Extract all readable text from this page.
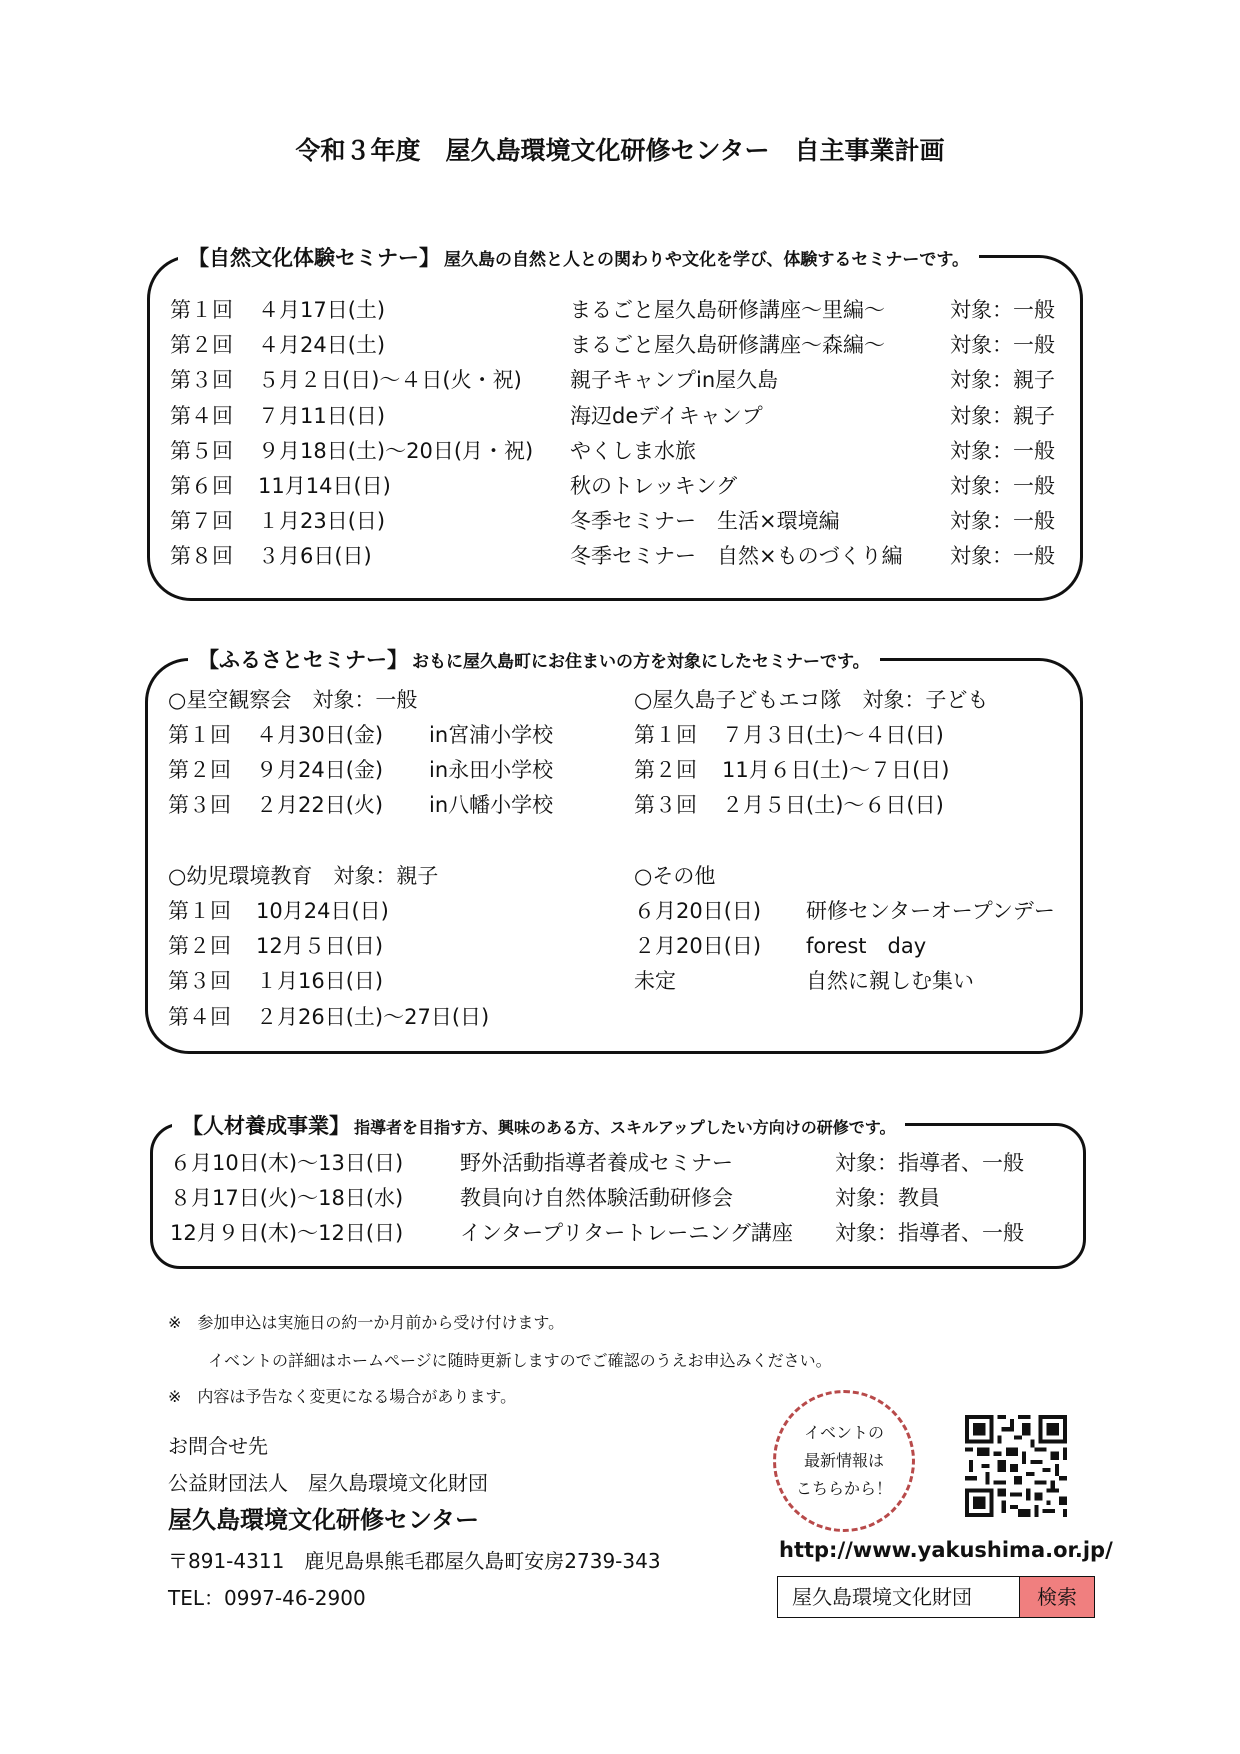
令和３年度　屋久島環境文化研修センター　自主事業計画
【自然文化体験セミナー】 屋久島の自然と人との関わりや文化を学び、体験するセミナーです。
第１回 ４月17日(土)	まるごと屋久島研修講座～里編～	対象：一般
第２回 ４月24日(土)	まるごと屋久島研修講座～森編～	対象：一般
第３回 ５月２日(日)～４日(火・祝) 親子キャンプin屋久島	対象：親子
第４回 ７月11日(日)	海辺deデイキャンプ	対象：親子
第５回 ９月18日(土)～20日(月・祝) やくしま水旅	対象：一般
第６回 11月14日(日)	秋のトレッキング	対象：一般
第７回 １月23日(日)	冬季セミナー　生活×環境編	対象：一般
第８回 ３月6日(日)	冬季セミナー　自然×ものづくり編 対象：一般
【ふるさとセミナー】 おもに屋久島町にお住まいの方を対象にしたセミナーです。
○星空観察会　対象：一般
第１回 ４月30日(金) in宮浦小学校
第２回 ９月24日(金) in永田小学校
第３回 ２月22日(火) in八幡小学校
○屋久島子どもエコ隊　対象：子ども
第１回 ７月３日(土)～４日(日)
第２回 11月６日(土)～７日(日)
第３回 ２月５日(土)～６日(日)
○幼児環境教育　対象：親子
第１回 10月24日(日)
第２回 12月５日(日)
第３回 １月16日(日)
第４回 ２月26日(土)～27日(日)
○その他
６月20日(日) 研修センターオープンデー
２月20日(日) forest　day
未定	自然に親しむ集い
【人材養成事業】 指導者を目指す方、興味のある方、スキルアップしたい方向けの研修です。
６月10日(木)～13日(日)	野外活動指導者養成セミナー	対象：指導者、一般
８月17日(火)～18日(水)	教員向け自然体験活動研修会	対象：教員
12月９日(木)～12日(日)	インタープリタートレーニング講座 対象：指導者、一般
※　参加申込は実施日の約一か月前から受け付けます。
イベントの詳細はホームページに随時更新しますのでご確認のうえお申込みください。
※　内容は予告なく変更になる場合があります。
お問合せ先
公益財団法人　屋久島環境文化財団
屋久島環境文化研修センター
〒891-4311　鹿児島県熊毛郡屋久島町安房2739-343
TEL：0997-46-2900
イベントの
最新情報は
こちらから！
http://www.yakushima.or.jp/
屋久島環境文化財団	検索
